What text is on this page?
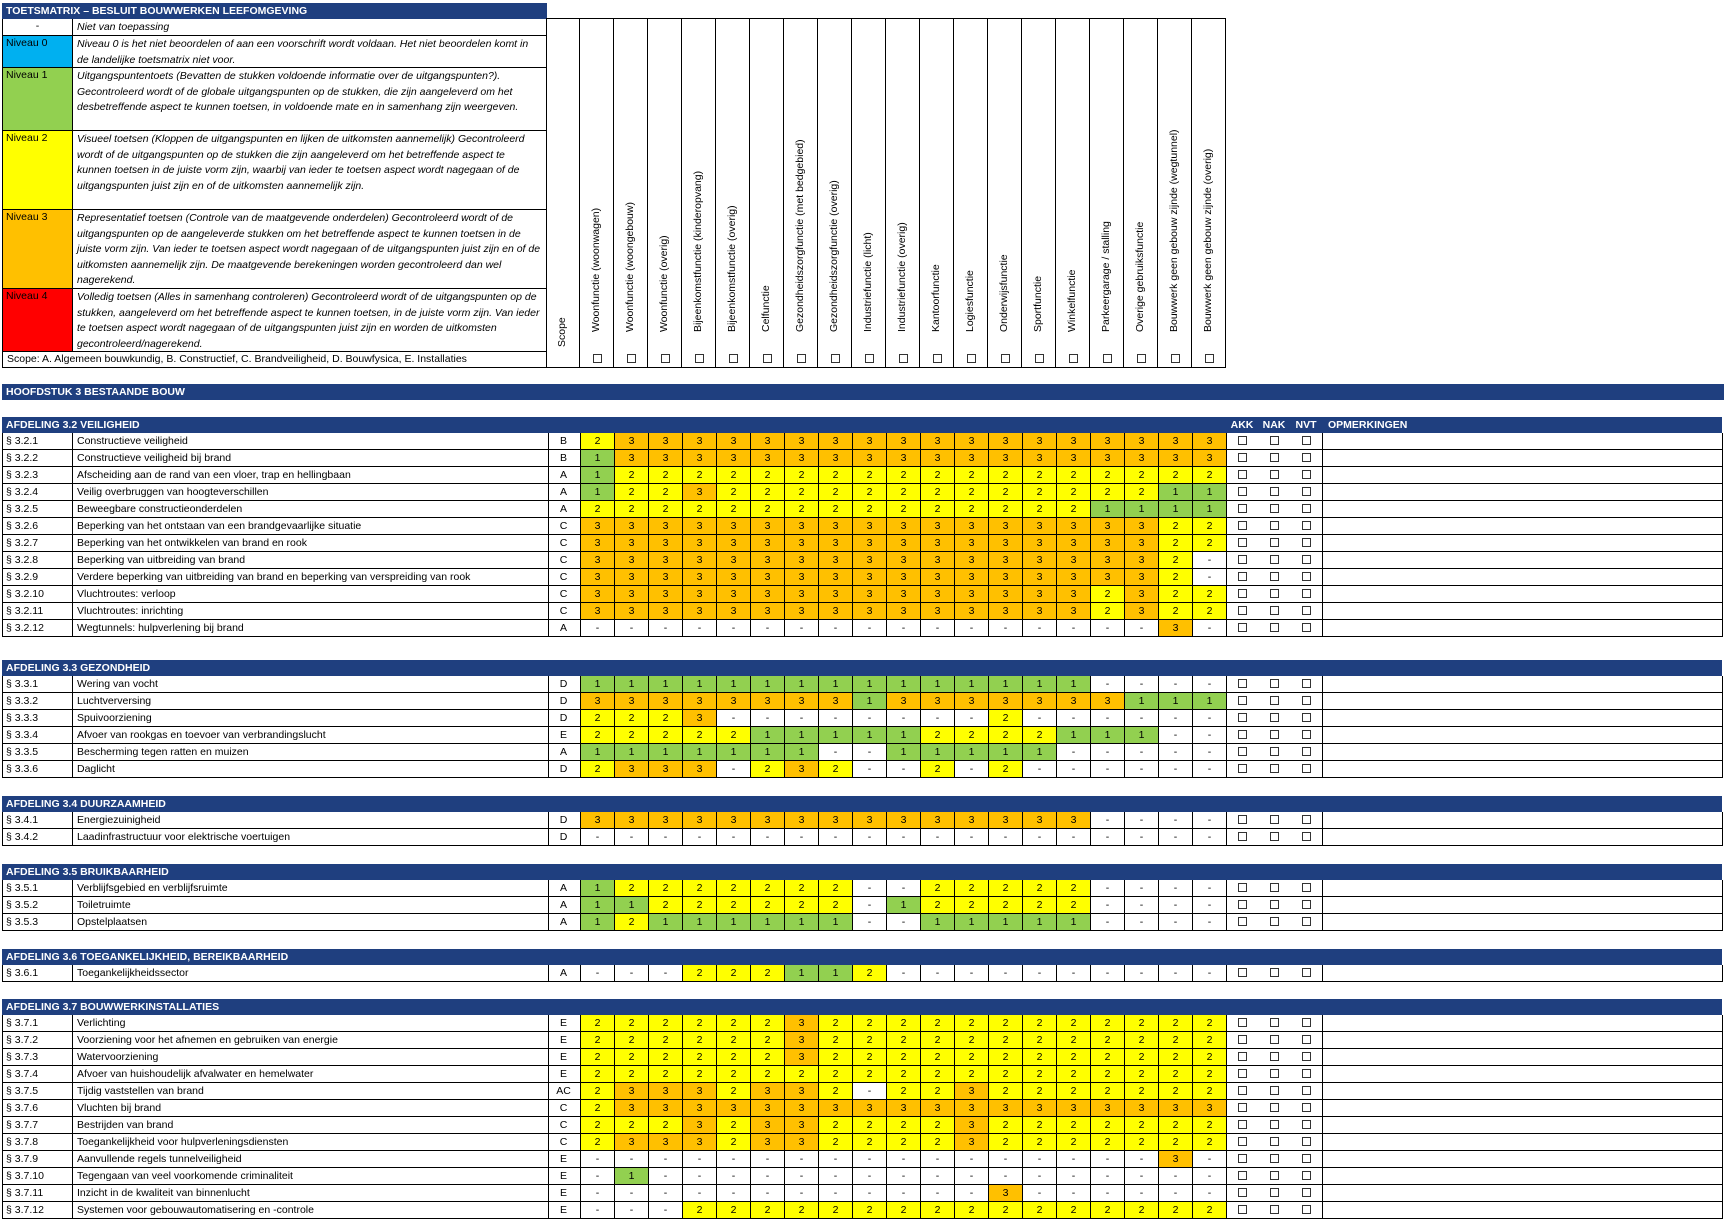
TOETSMATRIX – BESLUIT BOUWWERKEN LEEFOMGEVING
-	Niet van toepassing
Niveau 0	Niveau 0 is het niet beoordelen of aan een voorschrift wordt voldaan. Het niet beoordelen komt in de landelijke toetsmatrix niet voor.
Niveau 1	Uitgangspuntentoets (Bevatten de stukken voldoende informatie over de uitgangspunten?). Gecontroleerd wordt of de globale uitgangspunten op de stukken, die zijn aangeleverd om het desbetreffende aspect te kunnen toetsen, in voldoende mate en in samenhang zijn weergeven.
Niveau 2	Visueel toetsen (Kloppen de uitgangspunten en lijken de uitkomsten aannemelijk) Gecontroleerd wordt of de uitgangspunten op de stukken die zijn aangeleverd om het betreffende aspect te kunnen toetsen in de juiste vorm zijn, waarbij van ieder te toetsen aspect wordt nagegaan of de uitgangspunten juist zijn en of de uitkomsten aannemelijk zijn.
Niveau 3	Representatief toetsen (Controle van de maatgevende onderdelen) Gecontroleerd wordt of de uitgangspunten op de aangeleverde stukken om het betreffende aspect te kunnen toetsen in de juiste vorm zijn. Van ieder te toetsen aspect wordt nagegaan of de uitgangspunten juist zijn en of de uitkomsten aannemelijk zijn. De maatgevende berekeningen worden gecontroleerd dan wel nagerekend.
Niveau 4	Volledig toetsen (Alles in samenhang controleren) Gecontroleerd wordt of de uitgangspunten op de stukken, aangeleverd om het betreffende aspect te kunnen toetsen, in de juiste vorm zijn. Van ieder te toetsen aspect wordt nagegaan of de uitgangspunten juist zijn en worden de uitkomsten gecontroleerd/nagerekend.
Scope: A. Algemeen bouwkundig, B. Constructief, C. Brandveiligheid, D. Bouwfysica, E. Installaties
Scope
Woonfunctie (woonwagen) Woonfunctie (woongebouw) Woonfunctie (overig) Bijeenkomstfunctie (kinderopvang) Bijeenkomstfunctie (overig) Celfunctie Gezondheidszorgfunctie (met bedgebied) Gezondheidszorgfunctie (overig) Industriefunctie (licht) Industriefunctie (overig) Kantoorfunctie Logiesfunctie Onderwijsfunctie Sportfunctie Winkelfunctie Parkeergarage / stalling Overige gebruiksfunctie Bouwwerk geen gebouw zijnde (wegtunnel) Bouwwerk geen gebouw zijnde (overig)
HOOFDSTUK 3 BESTAANDE BOUW
AFDELING 3.2 VEILIGHEID	AKK NAK NVT	OPMERKINGEN
§ 3.2.1	Constructieve veiligheid	B	2	3	3	3	3	3	3	3	3	3	3	3	3	3	3	3	3	3	3
§ 3.2.2	Constructieve veiligheid bij brand	B	1	3	3	3	3	3	3	3	3	3	3	3	3	3	3	3	3	3	3
§ 3.2.3	Afscheiding aan de rand van een vloer, trap en hellingbaan	A	1	2	2	2	2	2	2	2	2	2	2	2	2	2	2	2	2	2	2
§ 3.2.4	Veilig overbruggen van hoogteverschillen	A	1	2	2	3	2	2	2	2	2	2	2	2	2	2	2	2	2	1	1
§ 3.2.5	Beweegbare constructieonderdelen	A	2	2	2	2	2	2	2	2	2	2	2	2	2	2	2	1	1	1	1
§ 3.2.6	Beperking van het ontstaan van een brandgevaarlijke situatie	C	3	3	3	3	3	3	3	3	3	3	3	3	3	3	3	3	3	2	2
§ 3.2.7	Beperking van het ontwikkelen van brand en rook	C	3	3	3	3	3	3	3	3	3	3	3	3	3	3	3	3	3	2	2
§ 3.2.8	Beperking van uitbreiding van brand	C	3	3	3	3	3	3	3	3	3	3	3	3	3	3	3	3	3	2	-
§ 3.2.9	Verdere beperking van uitbreiding van brand en beperking van verspreiding van rook	C	3	3	3	3	3	3	3	3	3	3	3	3	3	3	3	3	3	2	-
§ 3.2.10	Vluchtroutes: verloop	C	3	3	3	3	3	3	3	3	3	3	3	3	3	3	3	2	3	2	2
§ 3.2.11	Vluchtroutes: inrichting	C	3	3	3	3	3	3	3	3	3	3	3	3	3	3	3	2	3	2	2
§ 3.2.12	Wegtunnels: hulpverlening bij brand	A	-	-	-	-	-	-	-	-	-	-	-	-	-	-	-	-	-	3	-
AFDELING 3.3 GEZONDHEID
§ 3.3.1	Wering van vocht	D	1	1	1	1	1	1	1	1	1	1	1	1	1	1	1	-	-	-	-
§ 3.3.2	Luchtverversing	D	3	3	3	3	3	3	3	3	1	3	3	3	3	3	3	3	1	1	1
§ 3.3.3	Spuivoorziening	D	2	2	2	3	-	-	-	-	-	-	-	-	2	-	-	-	-	-	-
§ 3.3.4	Afvoer van rookgas en toevoer van verbrandingslucht	E	2	2	2	2	2	1	1	1	1	1	2	2	2	2	1	1	1	-	-
§ 3.3.5	Bescherming tegen ratten en muizen	A	1	1	1	1	1	1	1	-	-	1	1	1	1	1	-	-	-	-	-
§ 3.3.6	Daglicht	D	2	3	3	3	-	2	3	2	-	-	2	-	2	-	-	-	-	-	-
AFDELING 3.4 DUURZAAMHEID
§ 3.4.1	Energiezuinigheid	D	3	3	3	3	3	3	3	3	3	3	3	3	3	3	3	-	-	-	-
§ 3.4.2	Laadinfrastructuur voor elektrische voertuigen	D	-	-	-	-	-	-	-	-	-	-	-	-	-	-	-	-	-	-	-
AFDELING 3.5 BRUIKBAARHEID
§ 3.5.1	Verblijfsgebied en verblijfsruimte	A	1	2	2	2	2	2	2	2	-	-	2	2	2	2	2	-	-	-	-
§ 3.5.2	Toiletruimte	A	1	1	2	2	2	2	2	2	-	1	2	2	2	2	2	-	-	-	-
§ 3.5.3	Opstelplaatsen	A	1	2	1	1	1	1	1	1	-	-	1	1	1	1	1	-	-	-	-
AFDELING 3.6 TOEGANKELIJKHEID, BEREIKBAARHEID
§ 3.6.1	Toegankelijkheidssector	A	-	-	-	2	2	2	1	1	2	-	-	-	-	-	-	-	-	-	-
AFDELING 3.7 BOUWWERKINSTALLATIES
§ 3.7.1	Verlichting	E	2	2	2	2	2	2	3	2	2	2	2	2	2	2	2	2	2	2	2
§ 3.7.2	Voorziening voor het afnemen en gebruiken van energie	E	2	2	2	2	2	2	3	2	2	2	2	2	2	2	2	2	2	2	2
§ 3.7.3	Watervoorziening	E	2	2	2	2	2	2	3	2	2	2	2	2	2	2	2	2	2	2	2
§ 3.7.4	Afvoer van huishoudelijk afvalwater en hemelwater	E	2	2	2	2	2	2	2	2	2	2	2	2	2	2	2	2	2	2	2
§ 3.7.5	Tijdig vaststellen van brand	AC	2	3	3	3	2	3	3	2	-	2	2	3	2	2	2	2	2	2	2
§ 3.7.6	Vluchten bij brand	C	2	3	3	3	3	3	3	3	3	3	3	3	3	3	3	3	3	3	3
§ 3.7.7	Bestrijden van brand	C	2	2	2	3	2	3	3	2	2	2	2	3	2	2	2	2	2	2	2
§ 3.7.8	Toegankelijkheid voor hulpverleningsdiensten	C	2	3	3	3	2	3	3	2	2	2	2	3	2	2	2	2	2	2	2
§ 3.7.9	Aanvullende regels tunnelveiligheid	E	-	-	-	-	-	-	-	-	-	-	-	-	-	-	-	-	-	3	-
§ 3.7.10	Tegengaan van veel voorkomende criminaliteit	E	-	1	-	-	-	-	-	-	-	-	-	-	-	-	-	-	-	-	-
§ 3.7.11	Inzicht in de kwaliteit van binnenlucht	E	-	-	-	-	-	-	-	-	-	-	-	-	3	-	-	-	-	-	-
§ 3.7.12	Systemen voor gebouwautomatisering en -controle	E	-	-	-	2	2	2	2	2	2	2	2	2	2	2	2	2	2	2	2
